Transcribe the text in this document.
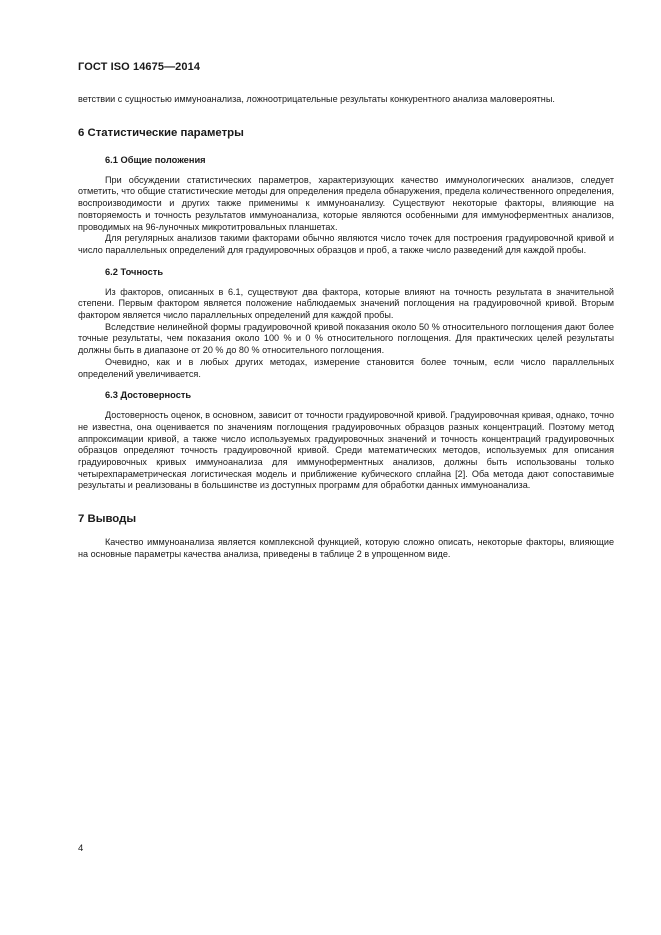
ГОСТ ISO 14675—2014

ветствии с сущностью иммуноанализа, ложноотрицательные результаты конкурентного анализа маловероятны.

6 Статистические параметры
6.1 Общие положения

При обсуждении статистических параметров, характеризующих качество иммунологических анализов, следует отметить, что общие статистические методы для определения предела обнаружения, предела количественного определения, воспроизводимости и других также применимы к иммуноанализу. Существуют некоторые факторы, влияющие на повторяемость и точность результатов иммуноанализа, которые являются особенными для иммуноферментных анализов, проводимых на 96-луночных микротитровальных планшетах.

Для регулярных анализов такими факторами обычно являются число точек для построения градуировочной кривой и число параллельных определений для градуировочных образцов и проб, а также число разведений для каждой пробы.

6.2 Точность

Из факторов, описанных в 6.1, существуют два фактора, которые влияют на точность результата в значительной степени. Первым фактором является положение наблюдаемых значений поглощения на градуировочной кривой. Вторым фактором является число параллельных определений для каждой пробы.

Вследствие нелинейной формы градуировочной кривой показания около 50 % относительного поглощения дают более точные результаты, чем показания около 100 % и 0 % относительного поглощения. Для практических целей результаты должны быть в диапазоне от 20 % до 80 % относительного поглощения.

Очевидно, как и в любых других методах, измерение становится более точным, если число параллельных определений увеличивается.

6.3 Достоверность

Достоверность оценок, в основном, зависит от точности градуировочной кривой. Градуировочная кривая, однако, точно не известна, она оценивается по значениям поглощения градуировочных образцов разных концентраций. Поэтому метод аппроксимации кривой, а также число используемых градуировочных значений и точность концентраций градуировочных образцов определяют точность градуировочной кривой. Среди математических методов, используемых для описания градуировочных кривых иммуноанализа для иммуноферментных анализов, должны быть использованы только четырехпараметрическая логистическая модель и приближение кубического сплайна [2]. Оба метода дают сопоставимые результаты и реализованы в большинстве из доступных программ для обработки данных иммуноанализа.

7 Выводы

Качество иммуноанализа является комплексной функцией, которую сложно описать, некоторые факторы, влияющие на основные параметры качества анализа, приведены в таблице 2 в упрощенном виде.

4
